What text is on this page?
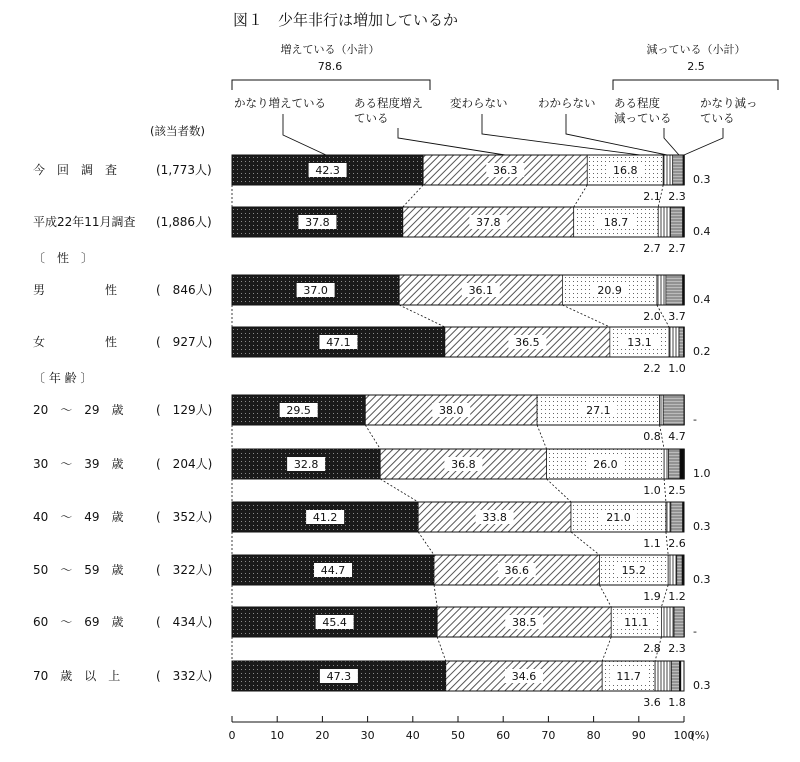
図１　少年非行は増加しているか
増えている（小計）
78.6
減っている（小計）
2.5
かなり増えている ある程度増え
ている
変わらない	わからない ある程度
減っている
かなり減っ
ている
(該当者数)
〔　性　〕
〔 年 齢 〕
今　回　調　査	(1,773人)	42.3	36.3	16.8
2.1 2.3
0.3
平成22年11月調査 (1,886人)	37.8	37.8	18.7
2.7 2.7
0.4
男　　　　　性	(　846人)	37.0	36.1	20.9
2.0 3.7
0.4
女　　　　　性	(　927人)	47.1	36.5	13.1
2.2 1.0
0.2
20　～　29　歳	(　129人)	29.5	38.0	27.1
0.8 4.7
-
30　～　39　歳	(　204人)	32.8	36.8	26.0
1.0 2.5
1.0
40　～　49　歳	(　352人)	41.2	33.8	21.0
1.1 2.6
0.3
50　～　59　歳	(　322人)	44.7	36.6	15.2
1.9 1.2
0.3
60　～　69　歳	(　434人)	45.4	38.5	11.1
2.8 2.3
-
70　歳　以　上	(　332人)	47.3	34.6	11.7
3.6 1.8
0.3
0	10	20	30	40	50	60	70	80	90	100
(%)
